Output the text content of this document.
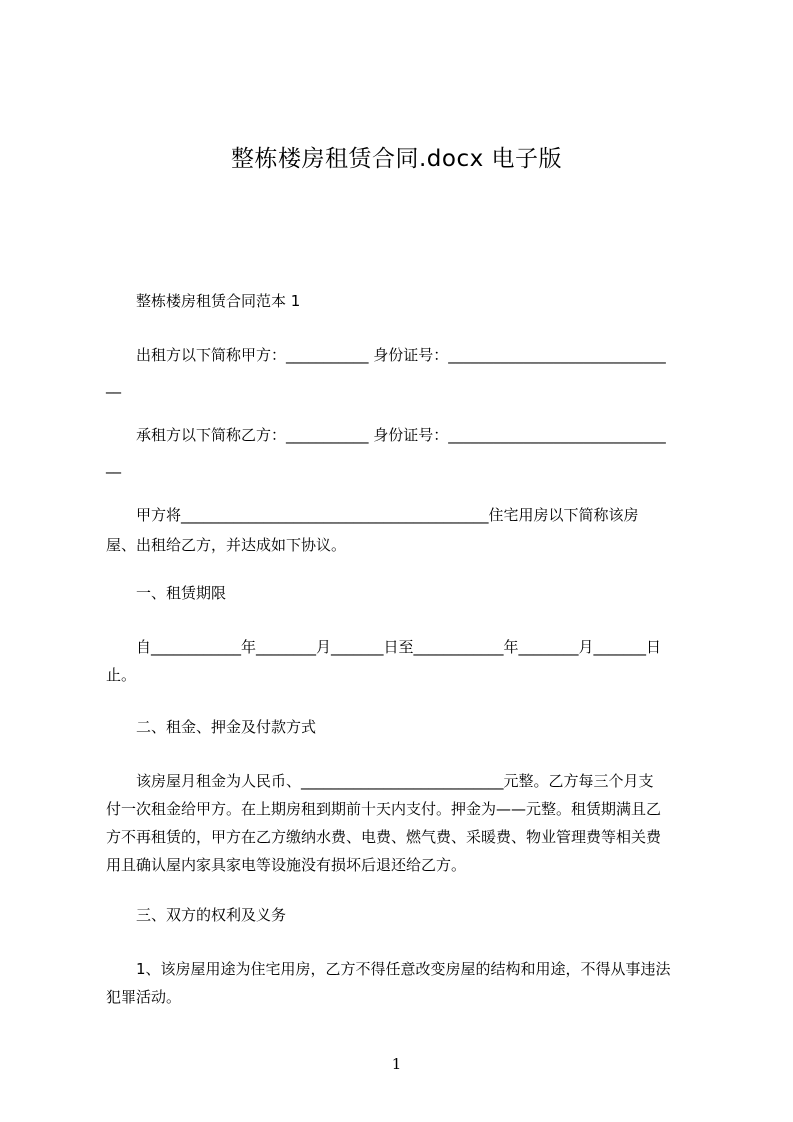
整栋楼房租赁合同.docx 电子版
整栋楼房租赁合同范本 1
出租方以下简称甲方：___________ 身份证号：_____________________________
__
承租方以下简称乙方：___________ 身份证号：_____________________________
__
甲方将_________________________________________住宅用房以下简称该房
屋、出租给乙方，并达成如下协议。
一、租赁期限
自____________年________月_______日至____________年________月_______日
止。
二、租金、押金及付款方式
该房屋月租金为人民币、___________________________元整。乙方每三个月支
付一次租金给甲方。在上期房租到期前十天内支付。押金为——元整。租赁期满且乙
方不再租赁的，甲方在乙方缴纳水费、电费、燃气费、采暖费、物业管理费等相关费
用且确认屋内家具家电等设施没有损坏后退还给乙方。
三、双方的权利及义务
1、该房屋用途为住宅用房，乙方不得任意改变房屋的结构和用途，不得从事违法
犯罪活动。
1
